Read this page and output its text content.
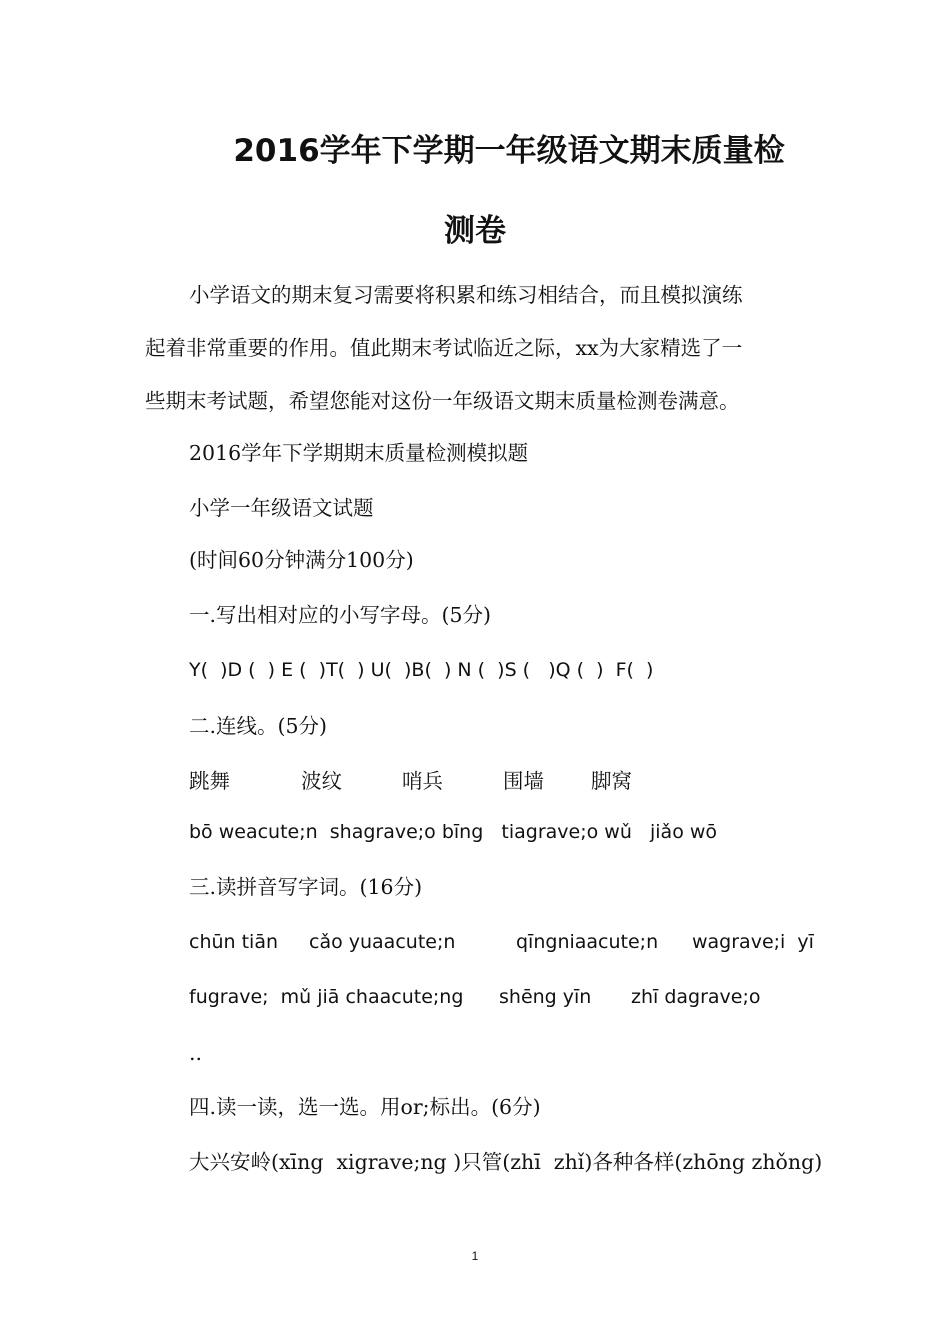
2016学年下学期一年级语文期末质量检
测卷
小学语文的期末复习需要将积累和练习相结合，而且模拟演练
起着非常重要的作用。值此期末考试临近之际，xx为大家精选了一
些期末考试题，希望您能对这份一年级语文期末质量检测卷满意。
2016学年下学期期末质量检测模拟题
小学一年级语文试题
(时间60分钟满分100分)
一.写出相对应的小写字母。(5分)
Y(  )D (  ) E (  )T(  ) U(  )B(  ) N (  )S (   )Q (  )  F(  )
二.连线。(5分)
跳舞	波纹	哨兵	围墙 脚窝
bō weacute;n  shagrave;o bīng   tiagrave;o wǔ   jiǎo wō
三.读拼音写字词。(16分)
chūn tiān cǎo yuaacute;n	qīngniaacute;n wagrave;i  yī
fugrave;  mǔ jiā chaacute;ng shēng yīn zhī dagrave;o
..
四.读一读，选一选。用or;标出。(6分)
大兴安岭(xīng  xigrave;ng )只管(zhī  zhǐ)各种各样(zhōng zhǒng)
1
